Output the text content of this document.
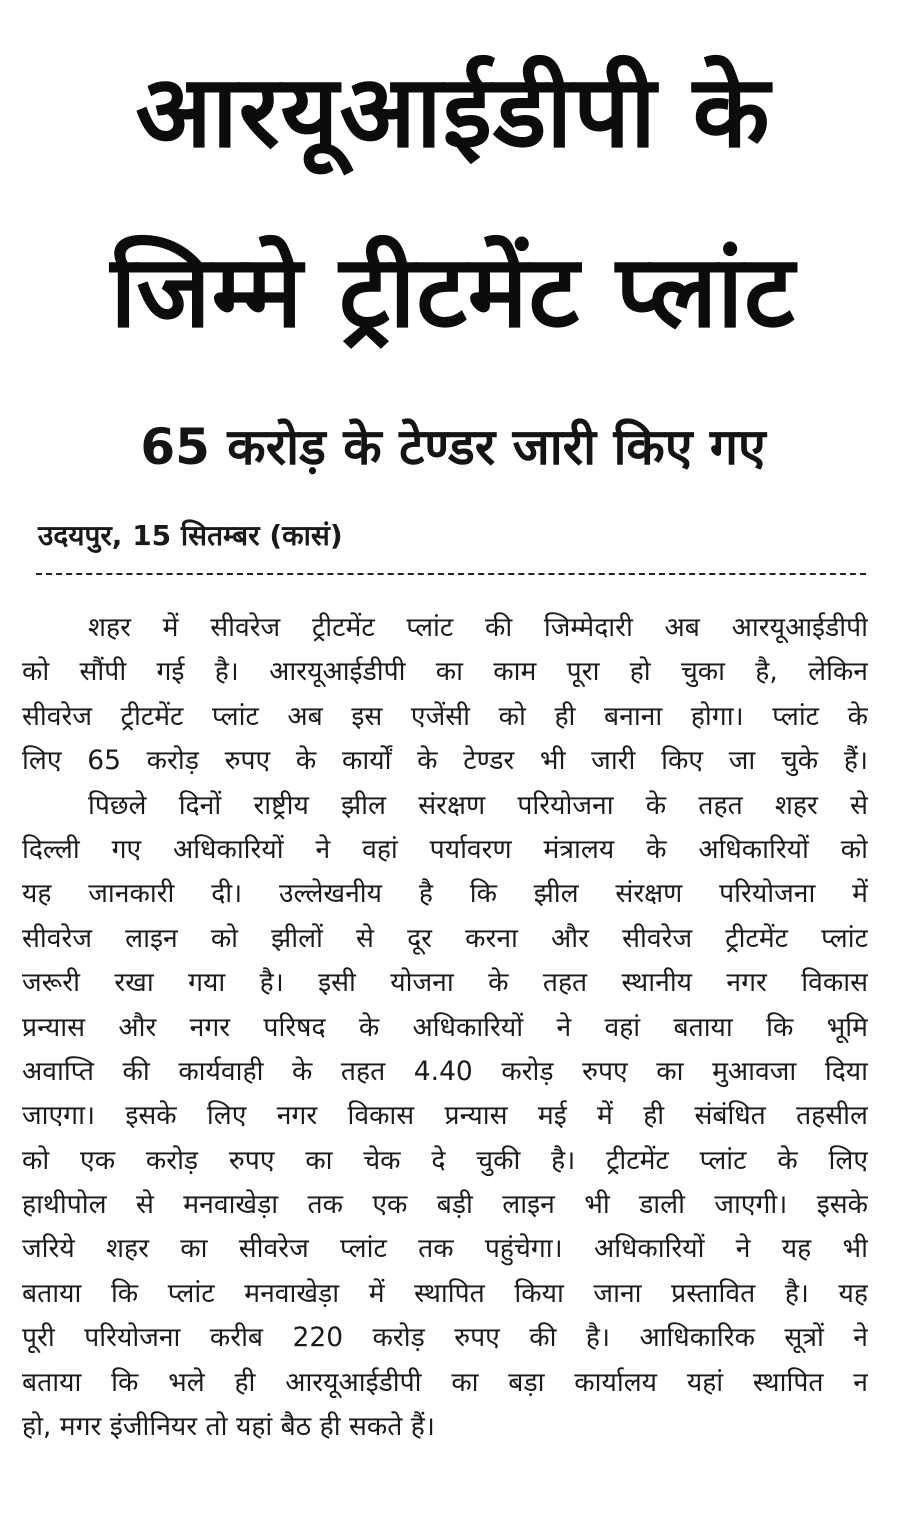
आरयूआईडीपी के
जिम्मे ट्रीटमेंट प्लांट
65 करोड़ के टेण्डर जारी किए गए
उदयपुर, 15 सितम्बर (कासं)
शहर में सीवरेज ट्रीटमेंट प्लांट की जिम्मेदारी अब आरयूआईडीपी
को सौंपी गई है। आरयूआईडीपी का काम पूरा हो चुका है, लेकिन
सीवरेज ट्रीटमेंट प्लांट अब इस एजेंसी को ही बनाना होगा। प्लांट के
लिए 65 करोड़ रुपए के कार्यों के टेण्डर भी जारी किए जा चुके हैं।
पिछले दिनों राष्ट्रीय झील संरक्षण परियोजना के तहत शहर से
दिल्ली गए अधिकारियों ने वहां पर्यावरण मंत्रालय के अधिकारियों को
यह जानकारी दी। उल्लेखनीय है कि झील संरक्षण परियोजना में
सीवरेज लाइन को झीलों से दूर करना और सीवरेज ट्रीटमेंट प्लांट
जरूरी रखा गया है। इसी योजना के तहत स्थानीय नगर विकास
प्रन्यास और नगर परिषद के अधिकारियों ने वहां बताया कि भूमि
अवाप्ति की कार्यवाही के तहत 4.40 करोड़ रुपए का मुआवजा दिया
जाएगा। इसके लिए नगर विकास प्रन्यास मई में ही संबंधित तहसील
को एक करोड़ रुपए का चेक दे चुकी है। ट्रीटमेंट प्लांट के लिए
हाथीपोल से मनवाखेड़ा तक एक बड़ी लाइन भी डाली जाएगी। इसके
जरिये शहर का सीवरेज प्लांट तक पहुंचेगा। अधिकारियों ने यह भी
बताया कि प्लांट मनवाखेड़ा में स्थापित किया जाना प्रस्तावित है। यह
पूरी परियोजना करीब 220 करोड़ रुपए की है। आधिकारिक सूत्रों ने
बताया कि भले ही आरयूआईडीपी का बड़ा कार्यालय यहां स्थापित न
हो, मगर इंजीनियर तो यहां बैठ ही सकते हैं।
